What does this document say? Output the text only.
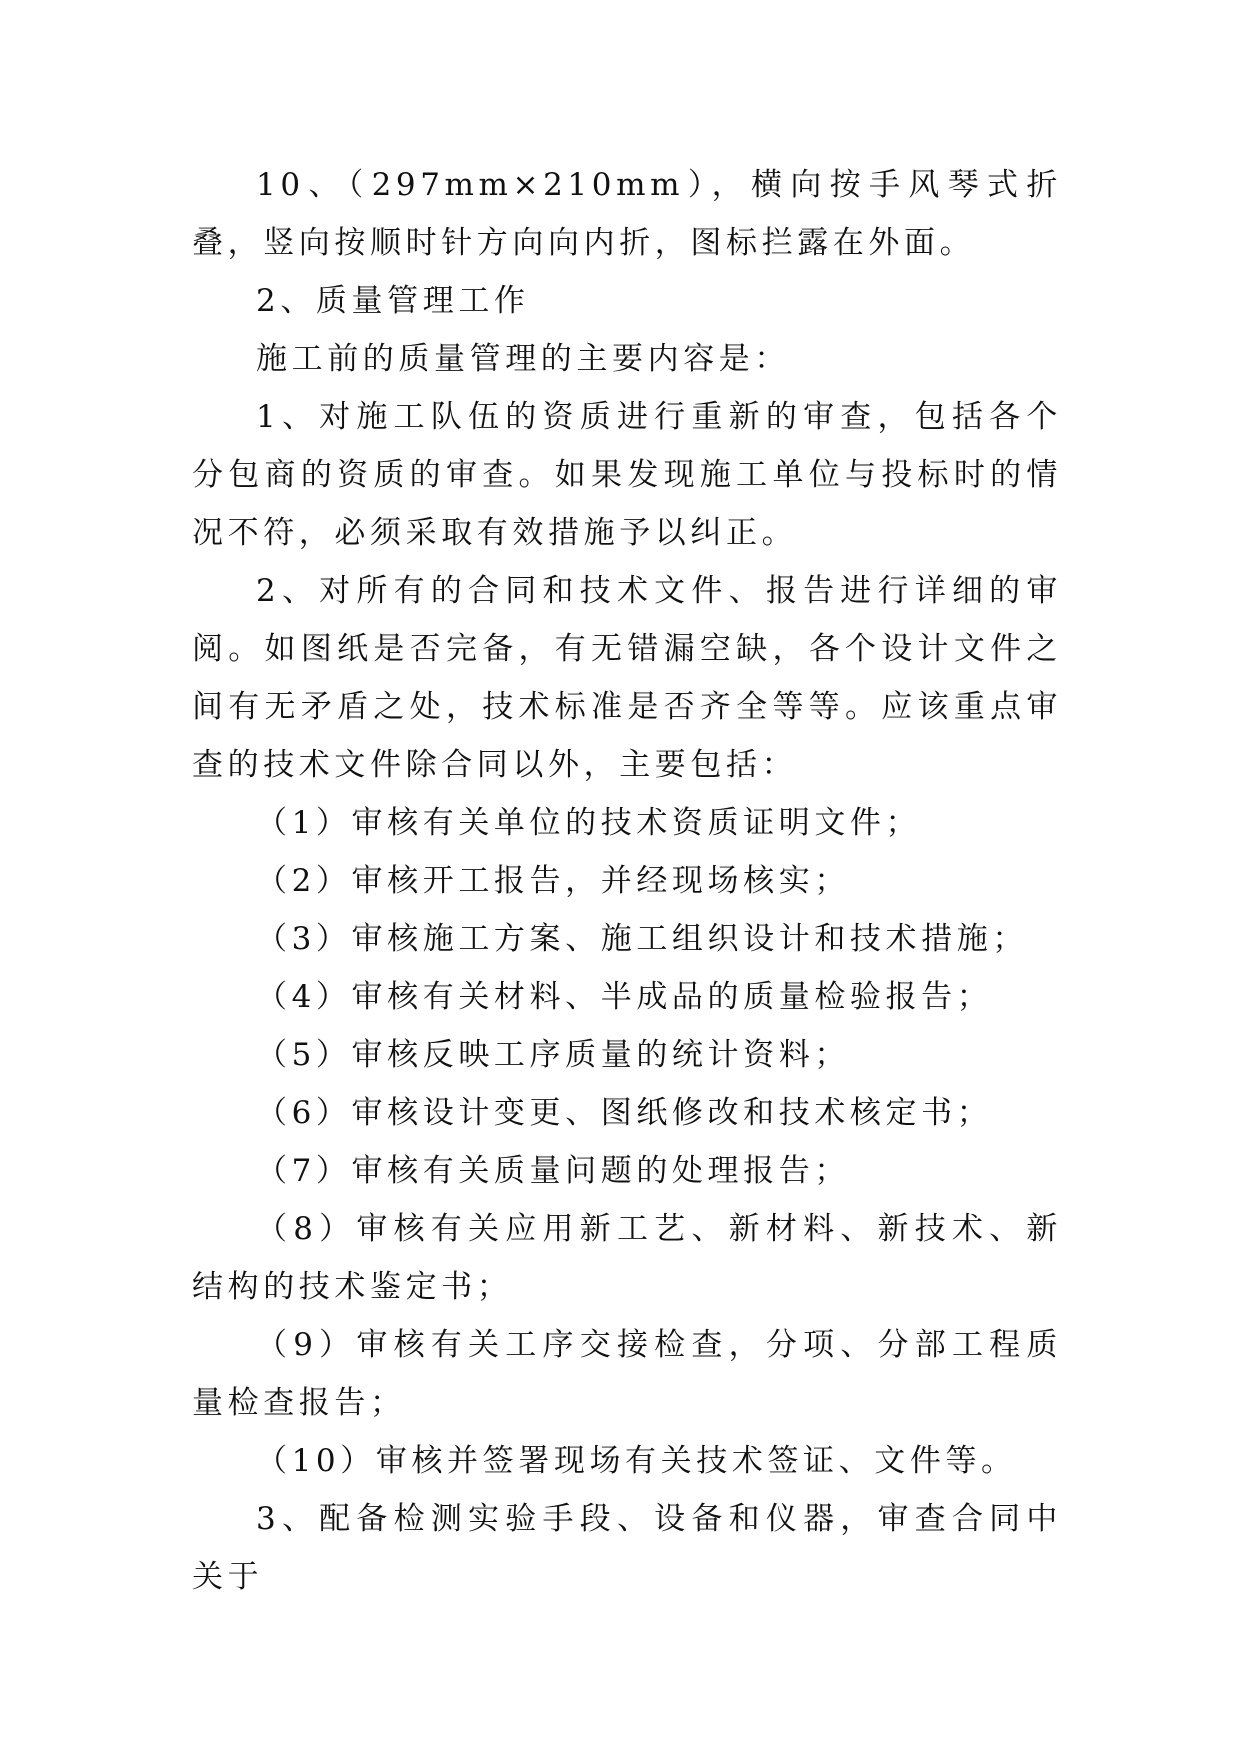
10、（297mm×210mm），横向按手风琴式折叠，竖向按顺时针方向向内折，图标拦露在外面。

2、质量管理工作

施工前的质量管理的主要内容是：

1、对施工队伍的资质进行重新的审查，包括各个分包商的资质的审查。如果发现施工单位与投标时的情况不符，必须采取有效措施予以纠正。

2、对所有的合同和技术文件、报告进行详细的审阅。如图纸是否完备，有无错漏空缺，各个设计文件之间有无矛盾之处，技术标准是否齐全等等。应该重点审查的技术文件除合同以外，主要包括：

（1）审核有关单位的技术资质证明文件；

（2）审核开工报告，并经现场核实；

（3）审核施工方案、施工组织设计和技术措施；

（4）审核有关材料、半成品的质量检验报告；

（5）审核反映工序质量的统计资料；

（6）审核设计变更、图纸修改和技术核定书；

（7）审核有关质量问题的处理报告；

（8）审核有关应用新工艺、新材料、新技术、新结构的技术鉴定书；

（9）审核有关工序交接检查，分项、分部工程质量检查报告；

（10）审核并签署现场有关技术签证、文件等。

3、配备检测实验手段、设备和仪器，审查合同中关于
